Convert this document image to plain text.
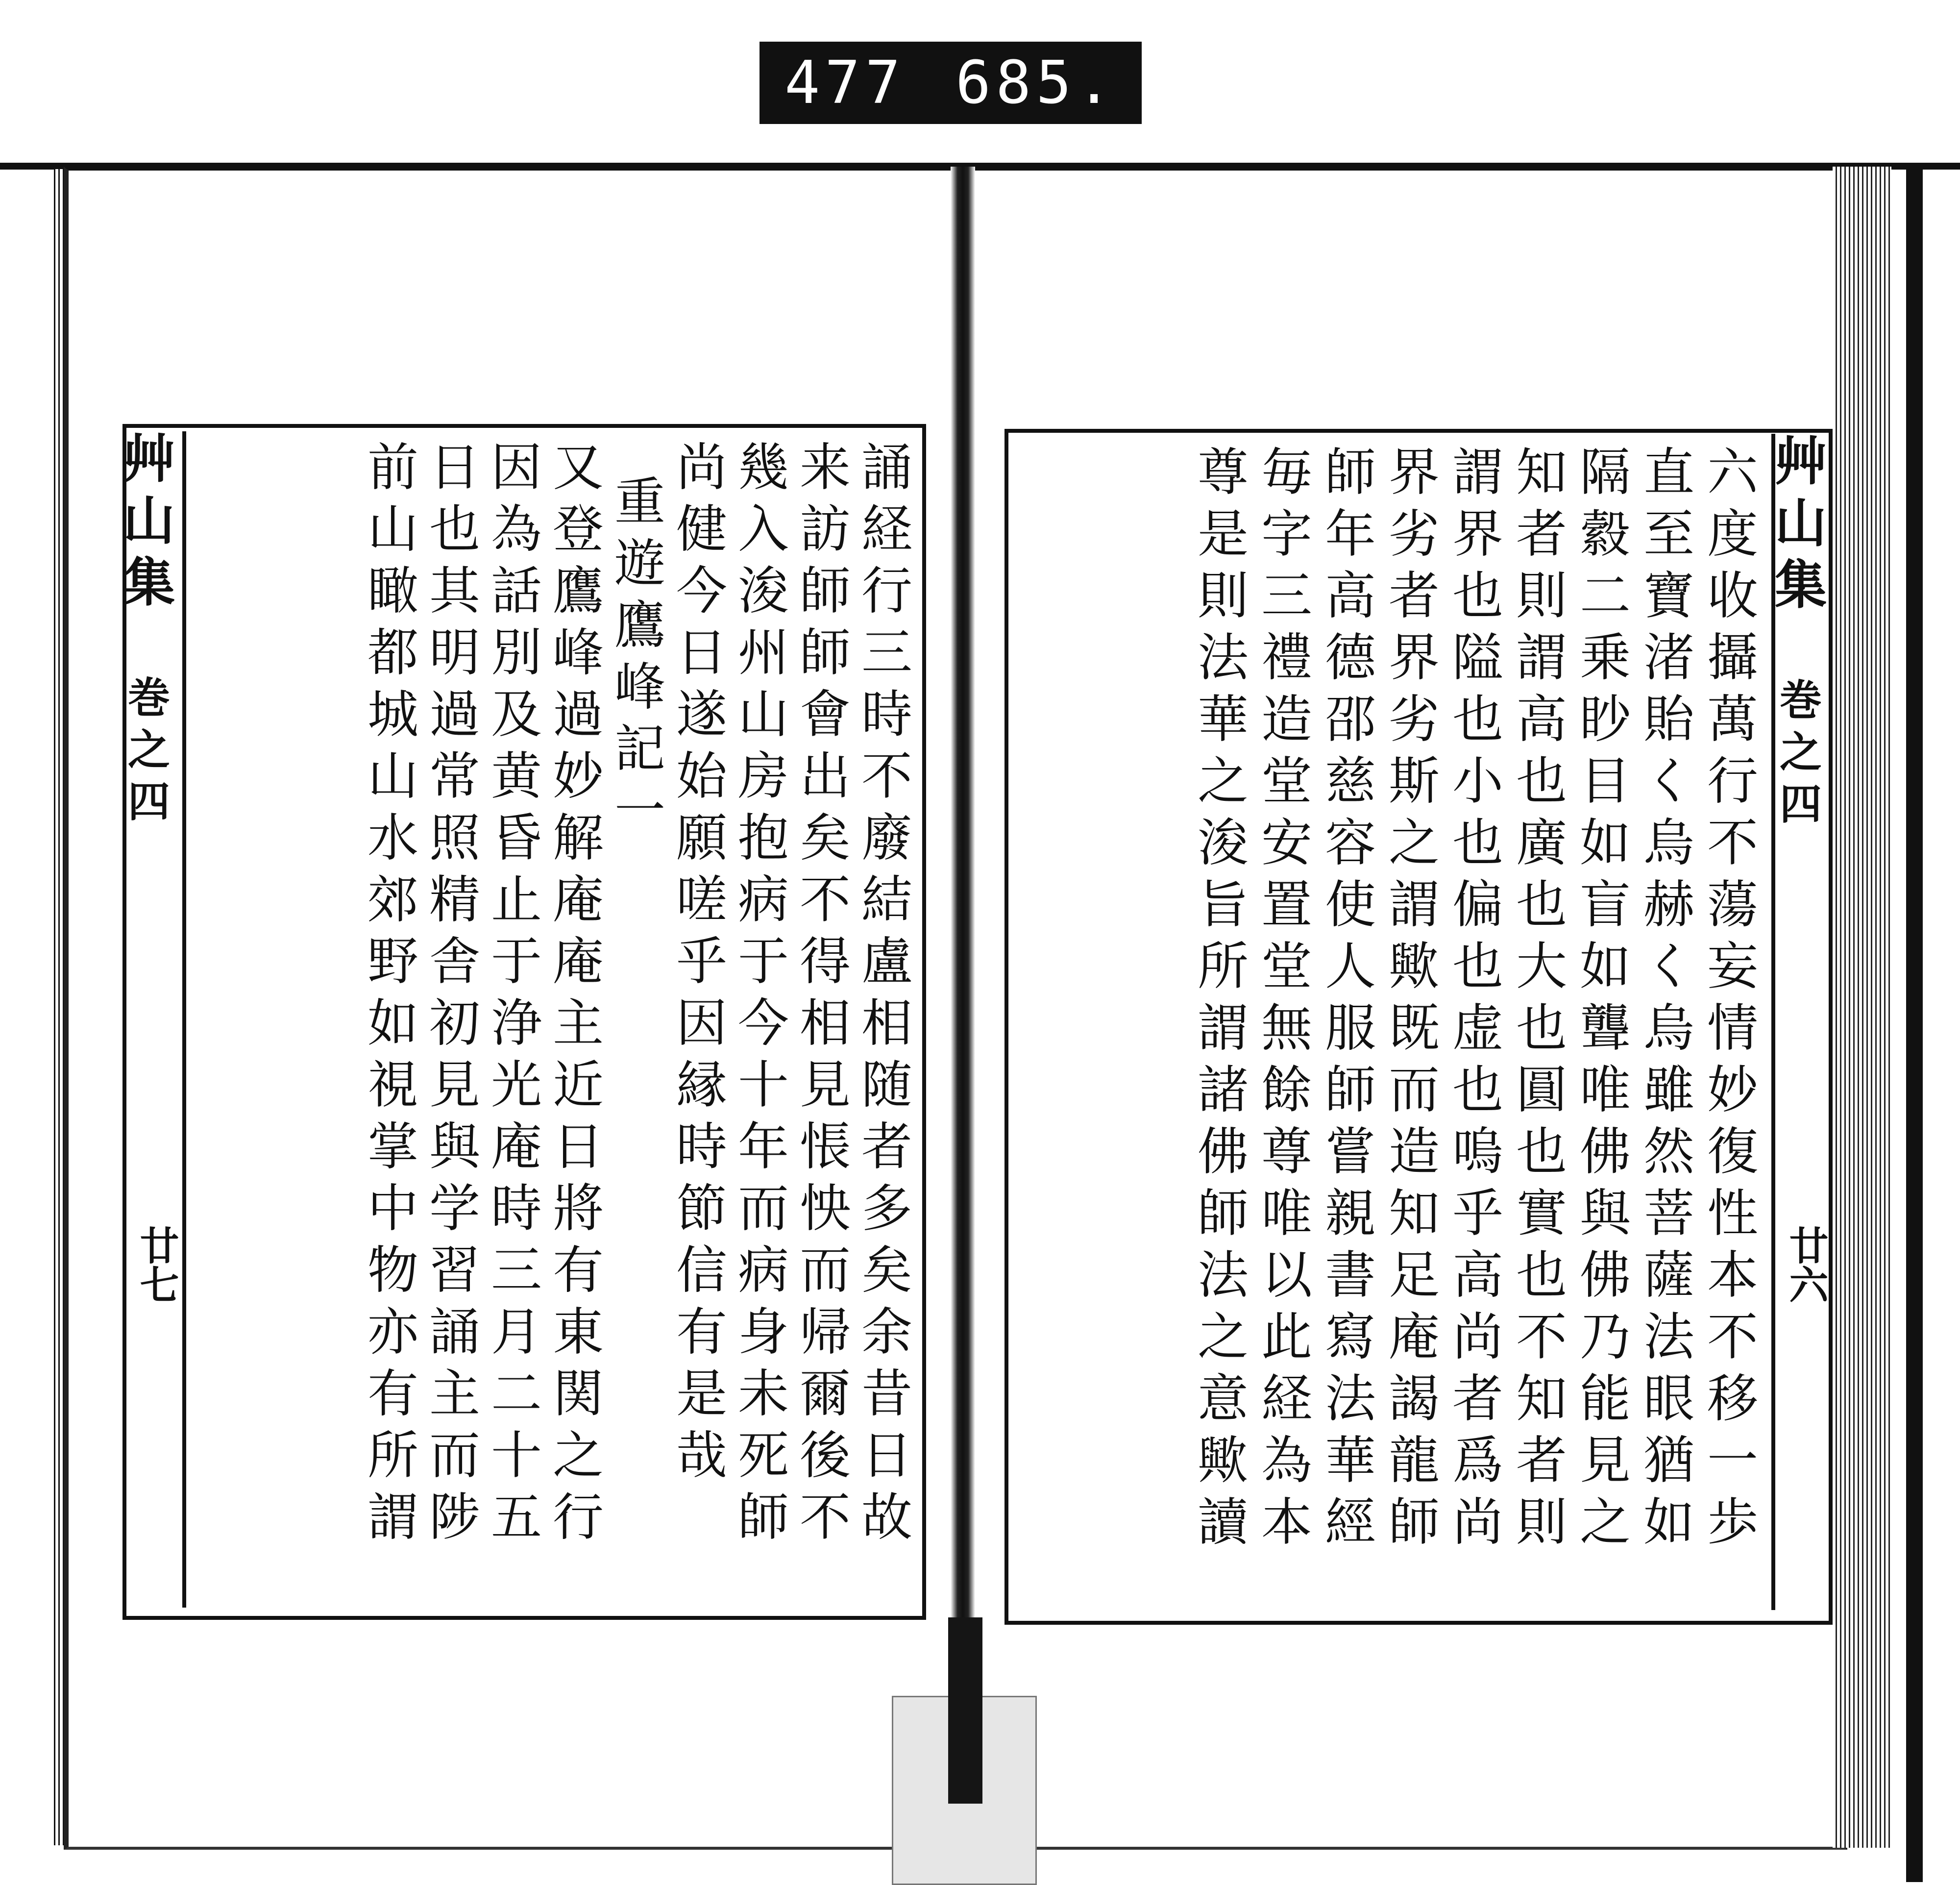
477 685.
誦経行三時不廢結盧相随者多矣余昔日故
来訪師師會出矣不得相見悵怏而帰爾後不
幾入浚州山房抱病于今十年而病身未死師
尚健今日遂始願嗟乎因縁時節信有是哉
重遊鷹峰記一
又登鷹峰過妙解庵庵主近日將有東関之行
因為話別及黄昏止于浄光庵時三月二十五
日也其明過常照精舎初見與学習誦主而陟
前山瞰都城山水郊野如視掌中物亦有所謂
艸山集巻之四
廿七	六度收攝萬行不蕩妄情妙復性本不移一歩
直至寶渚貽く烏赫く烏雖然菩薩法眼猶如
隔縠二乗眇目如盲如聾唯佛與佛乃能見之
知者則謂高也廣也大也圓也實也不知者則
謂界也隘也小也偏也虚也嗚乎高尚者爲尚
界劣者界劣斯之謂歟既而造知足庵謁龍師
師年高德邵慈容使人服師嘗親書寫法華經
毎字三禮造堂安置堂無餘尊唯以此経為本
尊是則法華之浚旨所謂諸佛師法之意歟讀	艸山集巻之四
廿六
